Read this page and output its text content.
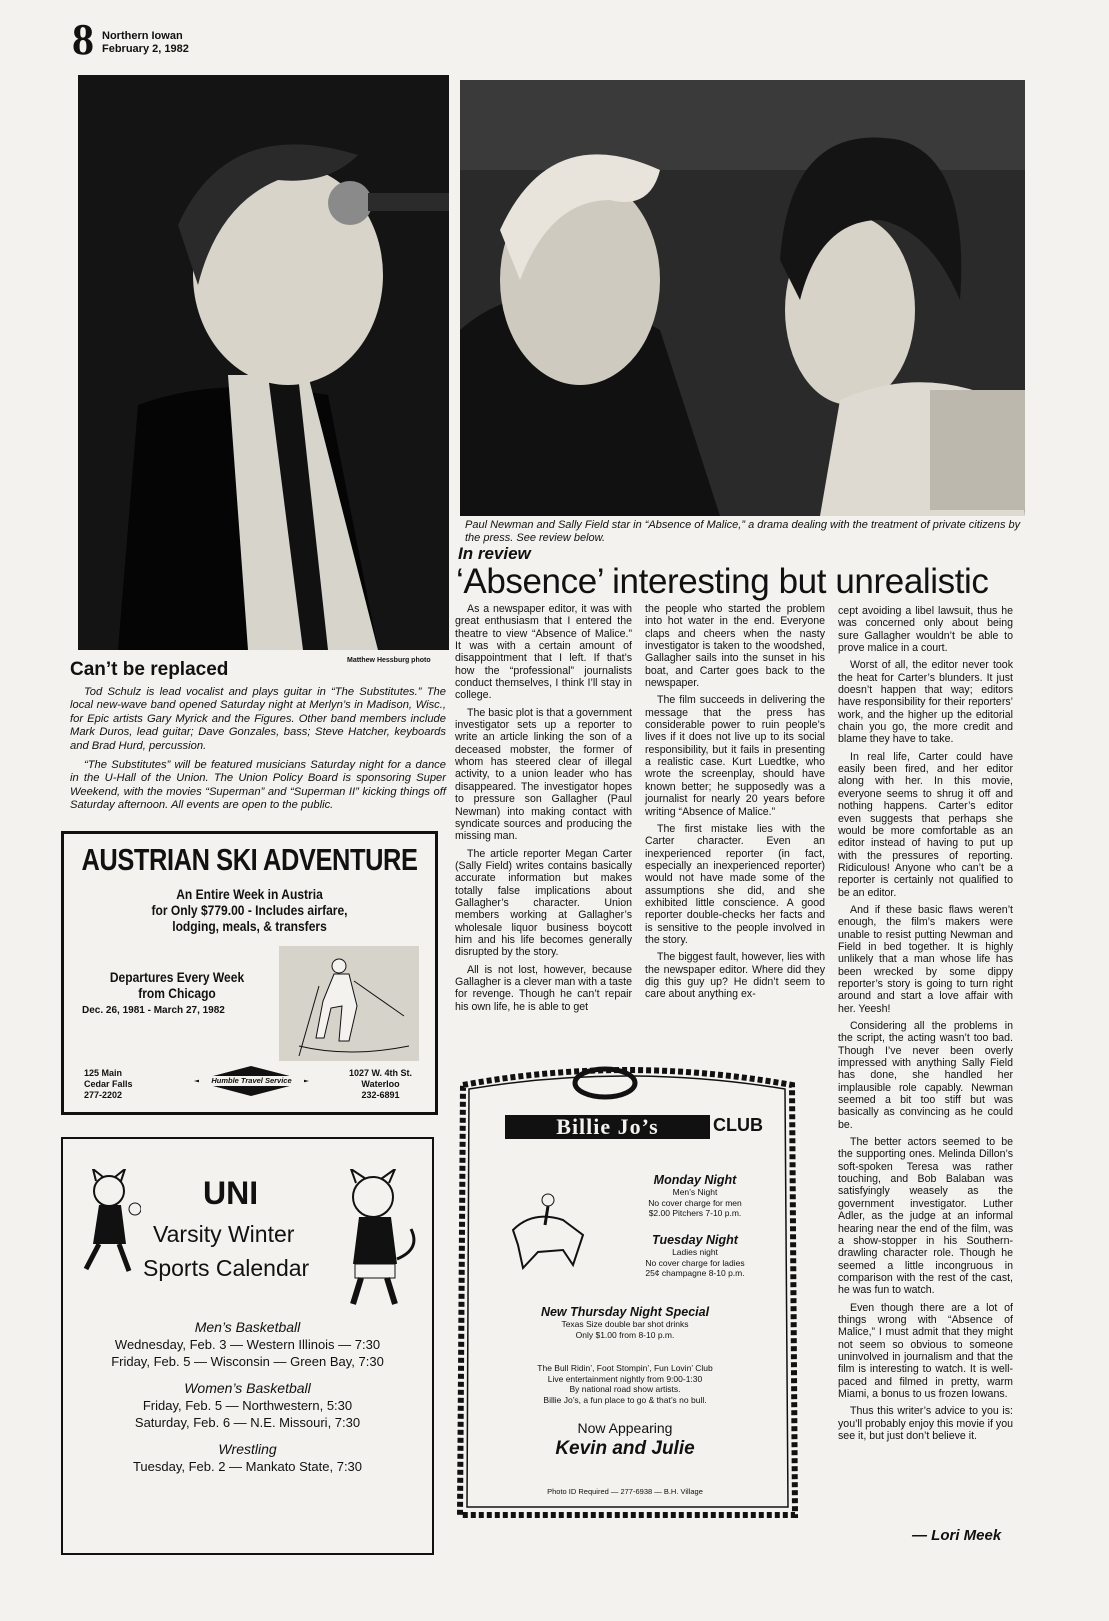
8 Northern Iowan
February 2, 1982
Matthew Hessburg photo
Paul Newman and Sally Field star in “Absence of Malice,” a drama dealing with the treatment of private citizens by the press. See review below.
Can’t be replaced

Tod Schulz is lead vocalist and plays guitar in “The Substitutes.” The local new-wave band opened Saturday night at Merlyn’s in Madison, Wisc., for Epic artists Gary Myrick and the Figures. Other band members include Mark Duros, lead guitar; Dave Gonzales, bass; Steve Hatcher, keyboards and Brad Hurd, percussion.

“The Substitutes” will be featured musicians Saturday night for a dance in the U-Hall of the Union. The Union Policy Board is sponsoring Super Weekend, with the movies “Superman” and “Superman II” kicking things off Saturday afternoon. All events are open to the public.

In review
‘Absence’ interesting but unrealistic

As a newspaper editor, it was with great enthusiasm that I entered the theatre to view “Absence of Malice.” It was with a certain amount of disappointment that I left. If that’s how the “professional” journalists conduct themselves, I think I’ll stay in college.

The basic plot is that a government investigator sets up a reporter to write an article linking the son of a deceased mobster, the former of whom has steered clear of illegal activity, to a union leader who has disappeared. The investigator hopes to pressure son Gallagher (Paul Newman) into making contact with syndicate sources and producing the missing man.

The article reporter Megan Carter (Sally Field) writes contains basically accurate information but makes totally false implications about Gallagher’s character. Union members working at Gallagher’s wholesale liquor business boycott him and his life becomes generally disrupted by the story.

All is not lost, however, because Gallagher is a clever man with a taste for revenge. Though he can’t repair his own life, he is able to get

the people who started the problem into hot water in the end. Everyone claps and cheers when the nasty investigator is taken to the woodshed, Gallagher sails into the sunset in his boat, and Carter goes back to the newspaper.

The film succeeds in delivering the message that the press has considerable power to ruin people’s lives if it does not live up to its social responsibility, but it fails in presenting a realistic case. Kurt Luedtke, who wrote the screenplay, should have known better; he supposedly was a journalist for nearly 20 years before writing “Absence of Malice.”

The first mistake lies with the Carter character. Even an inexperienced reporter (in fact, especially an inexperienced reporter) would not have made some of the assumptions she did, and she exhibited little conscience. A good reporter double-checks her facts and is sensitive to the people involved in the story.

The biggest fault, however, lies with the newspaper editor. Where did they dig this guy up? He didn’t seem to care about anything ex-

cept avoiding a libel lawsuit, thus he was concerned only about being sure Gallagher wouldn’t be able to prove malice in a court.

Worst of all, the editor never took the heat for Carter’s blunders. It just doesn’t happen that way; editors have responsibility for their reporters’ work, and the higher up the editorial chain you go, the more credit and blame they have to take.

In real life, Carter could have easily been fired, and her editor along with her. In this movie, everyone seems to shrug it off and nothing happens. Carter’s editor even suggests that perhaps she would be more comfortable as an editor instead of having to put up with the pressures of reporting. Ridiculous! Anyone who can’t be a reporter is certainly not qualified to be an editor.

And if these basic flaws weren’t enough, the film’s makers were unable to resist putting Newman and Field in bed together. It is highly unlikely that a man whose life has been wrecked by some dippy reporter’s story is going to turn right around and start a love affair with her. Yeesh!

Considering all the problems in the script, the acting wasn’t too bad. Though I’ve never been overly impressed with anything Sally Field has done, she handled her implausible role capably. Newman seemed a bit too stiff but was basically as convincing as he could be.

The better actors seemed to be the supporting ones. Melinda Dillon’s soft-spoken Teresa was rather touching, and Bob Balaban was satisfyingly weasely as the government investigator. Luther Adler, as the judge at an informal hearing near the end of the film, was a show-stopper in his Southern-drawling character role. Though he seemed a little incongruous in comparison with the rest of the cast, he was fun to watch.

Even though there are a lot of things wrong with “Absence of Malice,” I must admit that they might not seem so obvious to someone uninvolved in journalism and that the film is interesting to watch. It is well-paced and filmed in pretty, warm Miami, a bonus to us frozen Iowans.

Thus this writer’s advice to you is: you’ll probably enjoy this movie if you see it, but just don’t believe it.

— Lori Meek
AUSTRIAN SKI ADVENTURE
An Entire Week in Austria
for Only $779.00 - Includes airfare,
lodging, meals, & transfers
Departures Every Week
from Chicago
Dec. 26, 1981 - March 27, 1982
125 Main
Cedar Falls
277-2202
Humble Travel Service
1027 W. 4th St.
Waterloo
232-6891
UNI
Varsity Winter
Sports Calendar
Men’s Basketball
Wednesday, Feb. 3 — Western Illinois — 7:30
Friday, Feb. 5 — Wisconsin — Green Bay, 7:30
Women’s Basketball
Friday, Feb. 5 — Northwestern, 5:30
Saturday, Feb. 6 — N.E. Missouri, 7:30
Wrestling
Tuesday, Feb. 2 — Mankato State, 7:30
Billie Jo’s	CLUB
Monday Night
Men’s Night
No cover charge for men
$2.00 Pitchers 7-10 p.m.
Tuesday Night
Ladies night
No cover charge for ladies
25¢ champagne 8-10 p.m.
New Thursday Night Special
Texas Size double bar shot drinks
Only $1.00 from 8-10 p.m.
The Bull Ridin’, Foot Stompin’, Fun Lovin’ Club
Live entertainment nightly from 9:00-1:30
By national road show artists.
Billie Jo’s, a fun place to go & that’s no bull.
Now Appearing
Kevin and Julie
Photo ID Required — 277-6938 — B.H. Village
